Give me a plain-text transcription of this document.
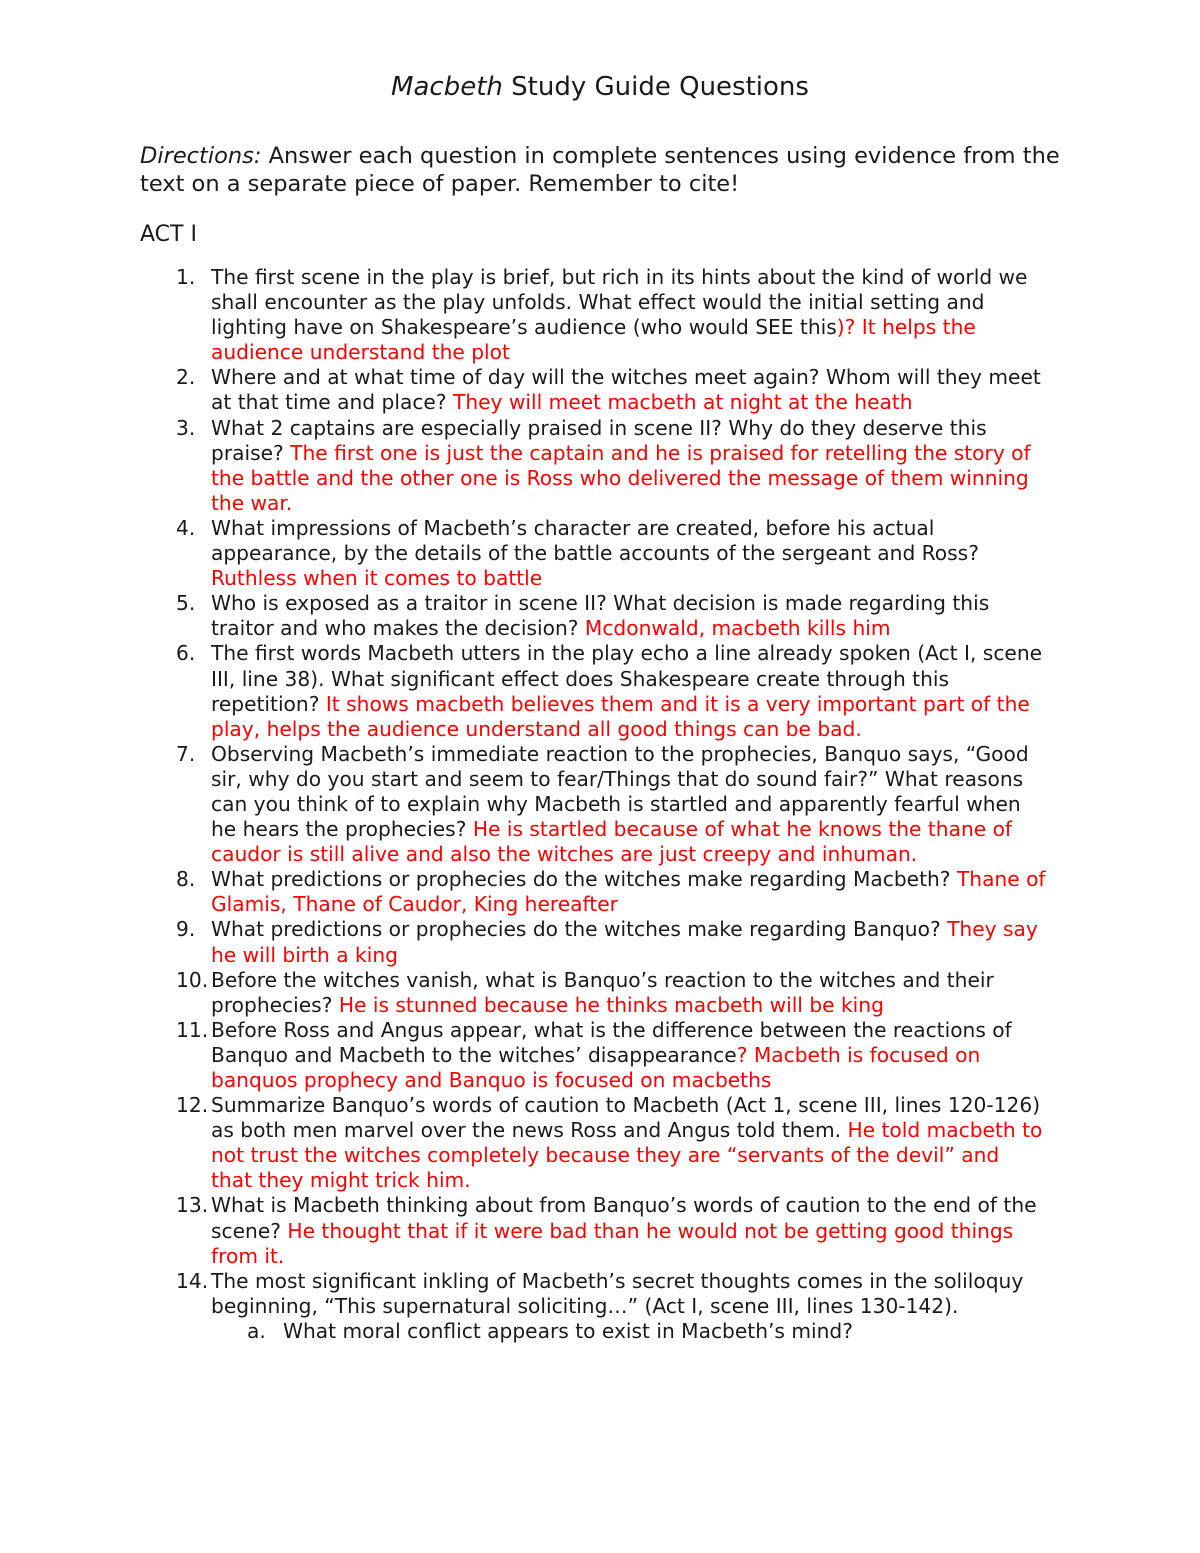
Macbeth Study Guide Questions

Directions: Answer each question in complete sentences using evidence from the text on a separate piece of paper. Remember to cite!

ACT I

1. The first scene in the play is brief, but rich in its hints about the kind of world we shall encounter as the play unfolds. What effect would the initial setting and lighting have on Shakespeare’s audience (who would SEE this)? It helps the audience understand the plot
2. Where and at what time of day will the witches meet again? Whom will they meet at that time and place? They will meet macbeth at night at the heath
3. What 2 captains are especially praised in scene II? Why do they deserve this praise? The first one is just the captain and he is praised for retelling the story of the battle and the other one is Ross who delivered the message of them winning the war.
4. What impressions of Macbeth’s character are created, before his actual appearance, by the details of the battle accounts of the sergeant and Ross? Ruthless when it comes to battle
5. Who is exposed as a traitor in scene II? What decision is made regarding this traitor and who makes the decision? Mcdonwald, macbeth kills him
6. The first words Macbeth utters in the play echo a line already spoken (Act I, scene III, line 38). What significant effect does Shakespeare create through this repetition? It shows macbeth believes them and it is a very important part of the play, helps the audience understand all good things can be bad.
7. Observing Macbeth’s immediate reaction to the prophecies, Banquo says, “Good sir, why do you start and seem to fear/Things that do sound fair?” What reasons can you think of to explain why Macbeth is startled and apparently fearful when he hears the prophecies? He is startled because of what he knows the thane of caudor is still alive and also the witches are just creepy and inhuman.
8. What predictions or prophecies do the witches make regarding Macbeth? Thane of Glamis, Thane of Caudor, King hereafter
9. What predictions or prophecies do the witches make regarding Banquo? They say he will birth a king
10. Before the witches vanish, what is Banquo’s reaction to the witches and their prophecies? He is stunned because he thinks macbeth will be king
11. Before Ross and Angus appear, what is the difference between the reactions of Banquo and Macbeth to the witches’ disappearance? Macbeth is focused on banquos prophecy and Banquo is focused on macbeths
12. Summarize Banquo’s words of caution to Macbeth (Act 1, scene III, lines 120-126) as both men marvel over the news Ross and Angus told them. He told macbeth to not trust the witches completely because they are “servants of the devil” and that they might trick him.
13. What is Macbeth thinking about from Banquo’s words of caution to the end of the scene? He thought that if it were bad than he would not be getting good things from it.
14. The most significant inkling of Macbeth’s secret thoughts comes in the soliloquy beginning, “This supernatural soliciting…” (Act I, scene III, lines 130-142).
a. What moral conflict appears to exist in Macbeth’s mind?
